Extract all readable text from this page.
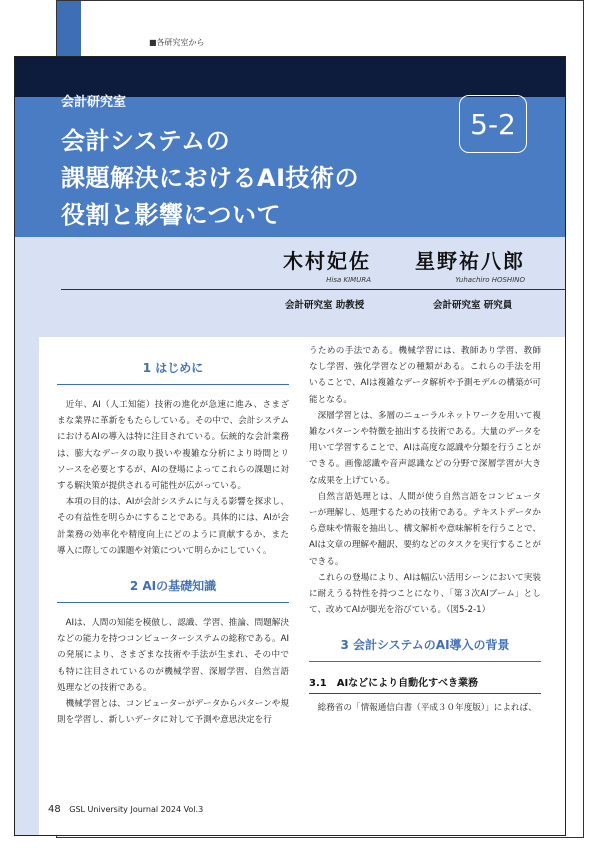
■各研究室から
会計研究室
会計システムの
課題解決におけるAI技術の
役割と影響について
5-2
木村妃佐
Hisa KIMURA
星野祐八郎
Yuhachiro HOSHINO
会計研究室 助教授	会計研究室 研究員
1 はじめに

近年、AI（人工知能）技術の進化が急速に進み、さまざまな業界に革新をもたらしている。その中で、会計システムにおけるAIの導入は特に注目されている。伝統的な会計業務は、膨大なデータの取り扱いや複雑な分析により時間とリソースを必要とするが、AIの登場によってこれらの課題に対する解決策が提供される可能性が広がっている。

本項の目的は、AIが会計システムに与える影響を探求し、その有益性を明らかにすることである。具体的には、AIが会計業務の効率化や精度向上にどのように貢献するか、また導入に際しての課題や対策について明らかにしていく。

2 AIの基礎知識

AIは、人間の知能を模倣し、認識、学習、推論、問題解決などの能力を持つコンピューターシステムの総称である。AIの発展により、さまざまな技術や手法が生まれ、その中でも特に注目されているのが機械学習、深層学習、自然言語処理などの技術である。

機械学習とは、コンピューターがデータからパターンや規則を学習し、新しいデータに対して予測や意思決定を行

うための手法である。機械学習には、教師あり学習、教師なし学習、強化学習などの種類がある。これらの手法を用いることで、AIは複雑なデータ解析や予測モデルの構築が可能となる。

深層学習とは、多層のニューラルネットワークを用いて複雑なパターンや特徴を抽出する技術である。大量のデータを用いて学習することで、AIは高度な認識や分類を行うことができる。画像認識や音声認識などの分野で深層学習が大きな成果を上げている。

自然言語処理とは、人間が使う自然言語をコンピューターが理解し、処理するための技術である。テキストデータから意味や情報を抽出し、構文解析や意味解析を行うことで、AIは文章の理解や翻訳、要約などのタスクを実行することができる。

これらの登場により、AIは幅広い活用シーンにおいて実装に耐えうる特性を持つことになり、「第３次AIブーム」として、改めてAIが脚光を浴びている。（図5-2-1）

3 会計システムのAI導入の背景
3.1　AIなどにより自動化すべき業務

総務省の「情報通信白書（平成３０年度版）」によれば、

48 GSL University Journal 2024 Vol.3
